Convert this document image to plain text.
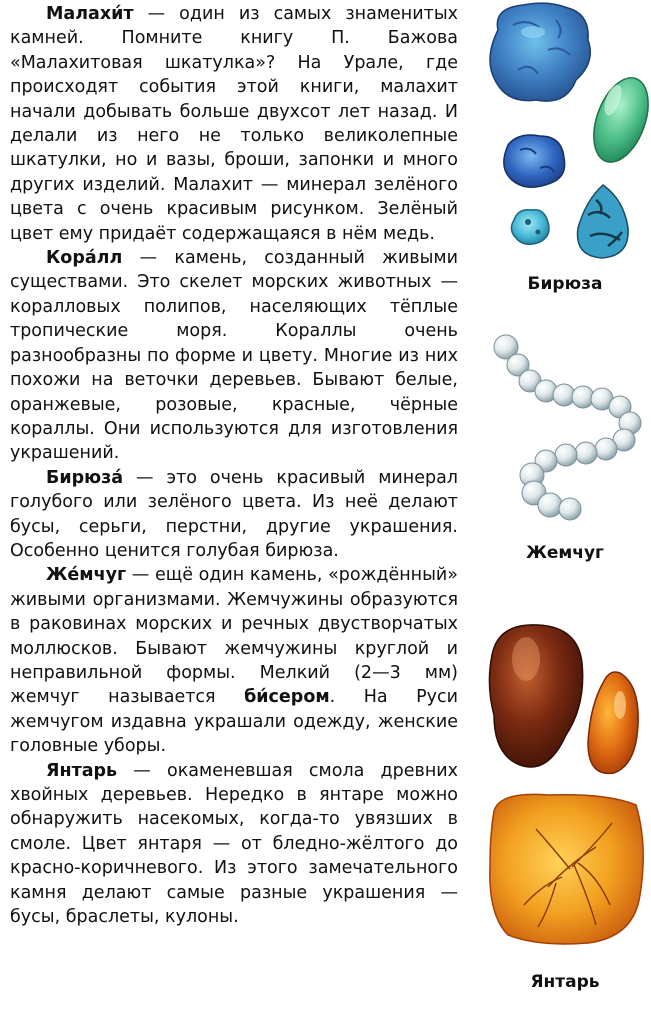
Малахи́т — один из самых знаменитых камней. Помните книгу П. Бажова «Малахитовая шкатулка»? На Урале, где происходят события этой книги, малахит начали добывать больше двухсот лет назад. И делали из него не только великолепные шкатулки, но и вазы, броши, запонки и много других изделий. Малахит — минерал зелёного цвета с очень красивым рисунком. Зелёный цвет ему придаёт содержащаяся в нём медь.

Кора́лл — камень, созданный живыми существами. Это скелет морских животных — коралловых полипов, населяющих тёплые тропические моря. Кораллы очень разнообразны по форме и цвету. Многие из них похожи на веточки деревьев. Бывают белые, оранжевые, розовые, красные, чёрные кораллы. Они используются для изготовления украшений.

Бирюза́ — это очень красивый минерал голубого или зелёного цвета. Из неё делают бусы, серьги, перстни, другие украшения. Особенно ценится голубая бирюза.

Же́мчуг — ещё один камень, «рождённый» живыми организмами. Жемчужины образуются в раковинах морских и речных двустворчатых моллюсков. Бывают жемчужины круглой и неправильной формы. Мелкий (2—3 мм) жемчуг называется би́сером. На Руси жемчугом издавна украшали одежду, женские головные уборы.

Янтарь — окаменевшая смола древних хвойных деревьев. Нередко в янтаре можно обнаружить насекомых, когда-то увязших в смоле. Цвет янтаря — от бледно-жёлтого до красно-коричневого. Из этого замечательного камня делают самые разные украшения — бусы, браслеты, кулоны.

Бирюза
Жемчуг
Янтарь
